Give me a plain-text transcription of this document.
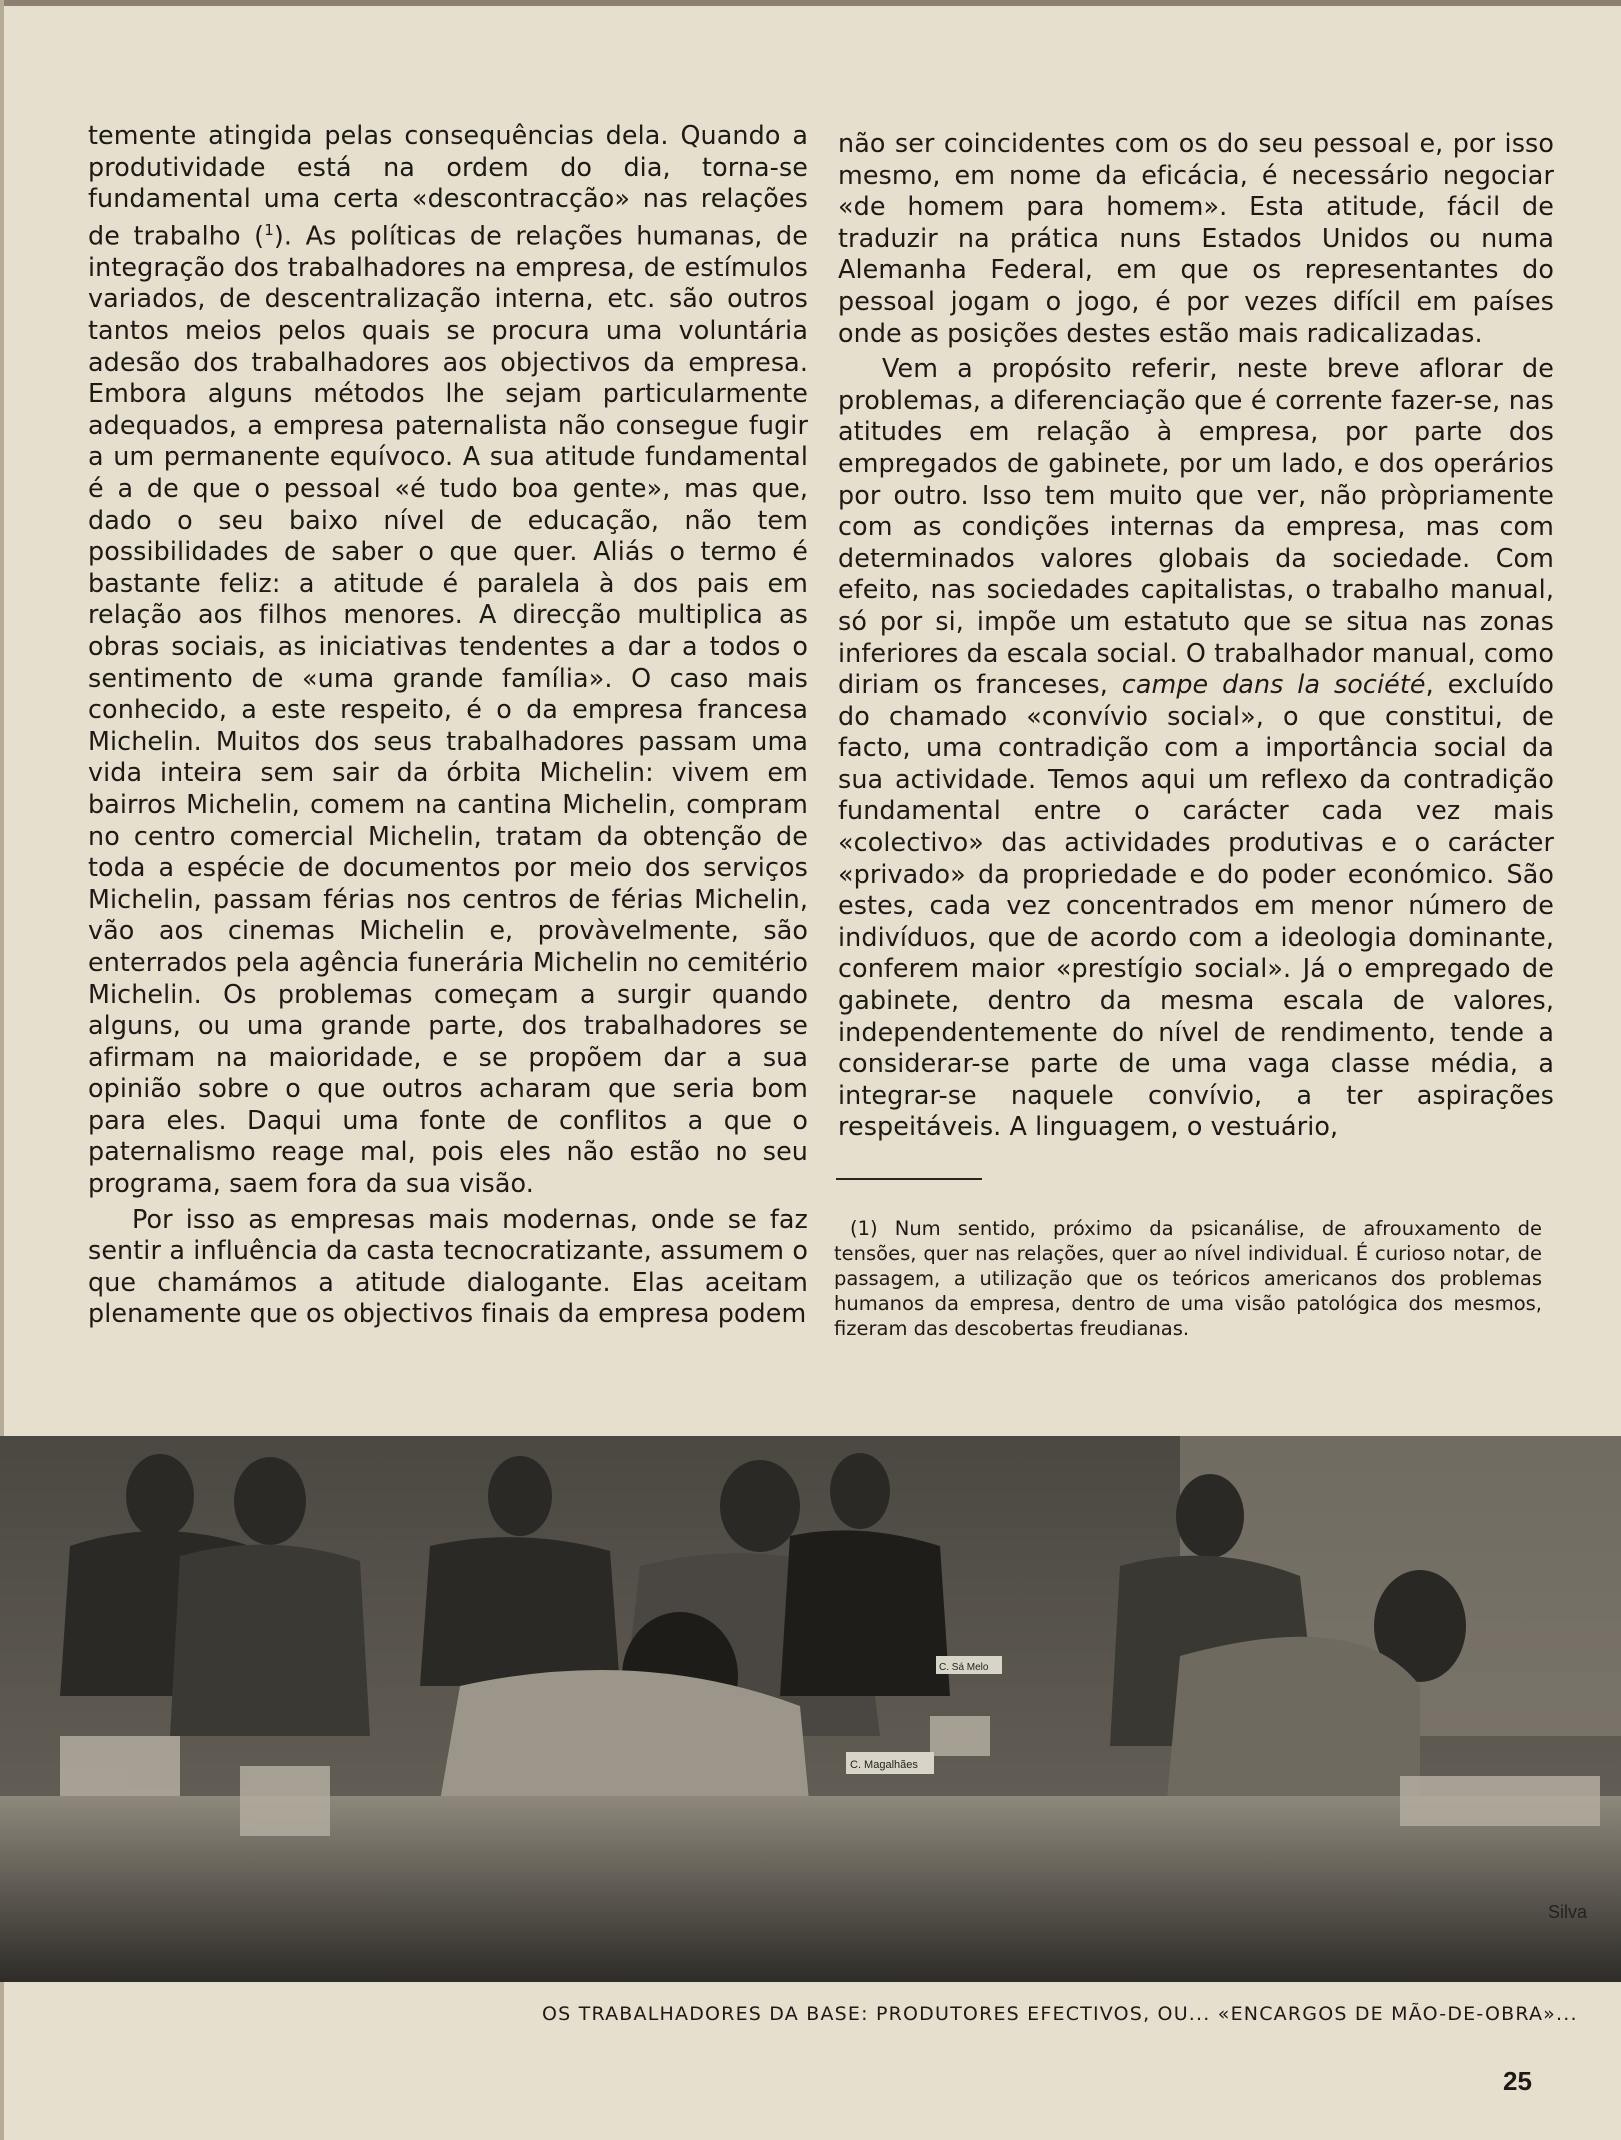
temente atingida pelas consequências dela. Quando a produtividade está na ordem do dia, torna-se fundamental uma certa «descontracção» nas relações de trabalho ($^1$). As políticas de relações humanas, de integração dos trabalhadores na empresa, de estímulos variados, de descentralização interna, etc. são outros tantos meios pelos quais se procura uma voluntária adesão dos trabalhadores aos objectivos da empresa. Embora alguns métodos lhe sejam particularmente adequados, a empresa paternalista não consegue fugir a um permanente equívoco. A sua atitude fundamental é a de que o pessoal «é tudo boa gente», mas que, dado o seu baixo nível de educação, não tem possibilidades de saber o que quer. Aliás o termo é bastante feliz: a atitude é paralela à dos pais em relação aos filhos menores. A direcção multiplica as obras sociais, as iniciativas tendentes a dar a todos o sentimento de «uma grande família». O caso mais conhecido, a este respeito, é o da empresa francesa Michelin. Muitos dos seus trabalhadores passam uma vida inteira sem sair da órbita Michelin: vivem em bairros Michelin, comem na cantina Michelin, compram no centro comercial Michelin, tratam da obtenção de toda a espécie de documentos por meio dos serviços Michelin, passam férias nos centros de férias Michelin, vão aos cinemas Michelin e, provàvelmente, são enterrados pela agência funerária Michelin no cemitério Michelin. Os problemas começam a surgir quando alguns, ou uma grande parte, dos trabalhadores se afirmam na maioridade, e se propõem dar a sua opinião sobre o que outros acharam que seria bom para eles. Daqui uma fonte de conflitos a que o paternalismo reage mal, pois eles não estão no seu programa, saem fora da sua visão.

Por isso as empresas mais modernas, onde se faz sentir a influência da casta tecnocratizante, assumem o que chamámos a atitude dialogante. Elas aceitam plenamente que os objectivos finais da empresa podem

não ser coincidentes com os do seu pessoal e, por isso mesmo, em nome da eficácia, é necessário negociar «de homem para homem». Esta atitude, fácil de traduzir na prática nuns Estados Unidos ou numa Alemanha Federal, em que os representantes do pessoal jogam o jogo, é por vezes difícil em países onde as posições destes estão mais radicalizadas.

Vem a propósito referir, neste breve aflorar de problemas, a diferenciação que é corrente fazer-se, nas atitudes em relação à empresa, por parte dos empregados de gabinete, por um lado, e dos operários por outro. Isso tem muito que ver, não pròpriamente com as condições internas da empresa, mas com determinados valores globais da sociedade. Com efeito, nas sociedades capitalistas, o trabalho manual, só por si, impõe um estatuto que se situa nas zonas inferiores da escala social. O trabalhador manual, como diriam os franceses, campe dans la société, excluído do chamado «convívio social», o que constitui, de facto, uma contradição com a importância social da sua actividade. Temos aqui um reflexo da contradição fundamental entre o carácter cada vez mais «colectivo» das actividades produtivas e o carácter «privado» da propriedade e do poder económico. São estes, cada vez concentrados em menor número de indivíduos, que de acordo com a ideologia dominante, conferem maior «prestígio social». Já o empregado de gabinete, dentro da mesma escala de valores, independentemente do nível de rendimento, tende a considerar-se parte de uma vaga classe média, a integrar-se naquele convívio, a ter aspirações respeitáveis. A linguagem, o vestuário,

(1) Num sentido, próximo da psicanálise, de afrouxamento de tensões, quer nas relações, quer ao nível individual. É curioso notar, de passagem, a utilização que os teóricos americanos dos problemas humanos da empresa, dentro de uma visão patológica dos mesmos, fizeram das descobertas freudianas.

C. Magalhães
C. Sá Melo
Silva
OS TRABALHADORES DA BASE: PRODUTORES EFECTIVOS, OU... «ENCARGOS DE MÃO-DE-OBRA»...
25
